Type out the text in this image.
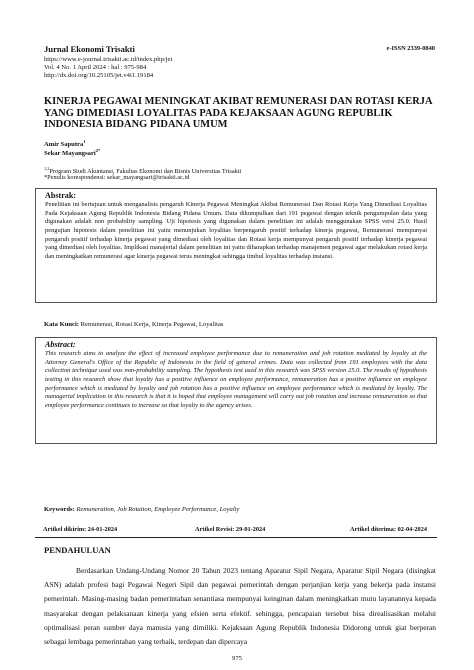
Jurnal Ekonomi Trisakti	e-ISSN 2339-0840
https://www.e-journal.trisakti.ac.id/index.php/jet
Vol. 4 No. 1 April 2024 : hal : 975-984
http://dx.doi.org/10.25105/jet.v4i1.19184
KINERJA PEGAWAI MENINGKAT AKIBAT REMUNERASI DAN ROTASI KERJA YANG DIMEDIASI LOYALITAS PADA KEJAKSAAN AGUNG REPUBLIK INDONESIA BIDANG PIDANA UMUM
Amir Saputra$^1$
Sekar Mayangsari$^{2*}$
$^{1,2}$Program Studi Akuntansi, Fakultas Ekonomi dan Bisnis Universitas Trisakti
*Penulis korespondensi: sekar_mayangsari@trisakti.ac.id
Abstrak:
Penelitian ini bertujuan untuk menganalisis pengaruh Kinerja Pegawai Meningkat Akibat Remunerasi Dan Rotasi Kerja Yang Dimediasi Loyalitas Pada Kejaksaan Agung Republik Indonesia Bidang Pidana Umum. Data dikumpulkan dari 191 pegawai dengan teknik pengumpulan data yang digunakan adalah non probability sampling. Uji hipotesis yang digunakan dalam penelitian ini adalah menggunakan SPSS versi 25.0. Hasil pengujian hipotesis dalam penelitian ini yaitu menunjukan loyalitas berpengaruh positif terhadap kinerja pegawai, Remunerasi mempunyai pengaruh positif terhadap kinerja pegawai yang dimediasi oleh loyalitas dan Rotasi kerja mempunyai pengaruh positif terhadap kinerja pegawai yang dimediasi oleh loyalitas. Implikasi manajerial dalam penelitian ini yaitu diharapkan terhadap manajemen pegawai agar melakukan rotasi kerja dan meningkatkan remunerasi agar kinerja pegawai terus meningkat sehingga timbul loyalitas terhadap instansi.
Kata Kunci: Remunerasi, Rotasi Kerja, Kinerja Pegawai, Loyalitas
Abstract:
This research aims to analyze the effect of increased employee performance due to remuneration and job rotation mediated by loyalty at the Attorney General's Office of the Republic of Indonesia in the field of general crimes. Data was collected from 191 employees with the data collection technique used was non-probability sampling. The hypothesis test used in this research was SPSS version 25.0. The results of hypothesis testing in this research show that loyalty has a positive influence on employee performance, remuneration has a positive influence on employee performance which is mediated by loyalty and job rotation has a positive influence on employee performance which is mediated by loyalty. The managerial implication in this research is that it is hoped that employee management will carry out job rotation and increase remuneration so that employee performance continues to increase so that loyalty to the agency arises.
Keywords: Remuneration, Job Rotation, Employee Performance, Loyalty
Artikel dikirim: 24-01-2024	Artikel Revisi: 29-01-2024	Artikel diterima: 02-04-2024
PENDAHULUAN
Berdasarkan Undang-Undang Nomor 20 Tahun 2023 tentang Aparatur Sipil Negara, Aparatur Sipil Negara (disingkat ASN) adalah profesi bagi Pegawai Negeri Sipil dan pegawai pemerintah dengan perjanjian kerja yang bekerja pada instansi pemerintah. Masing-masing badan pemerintahan senantiasa mempunyai keinginan dalam meningkatkan mutu layanannya kepada masyarakat dengan pelaksanaan kinerja yang efsien serta efektif. sehingga, pencapaian tersebut bisa direalisasikan melalui optimalisasi peran sumber daya manusia yang dimiliki. Kejaksaan Agung Republik Indonesia Didorong untuk giat berperan sebagai lembaga pemerintahan yang terbaik, terdepan dan dipercaya
975
